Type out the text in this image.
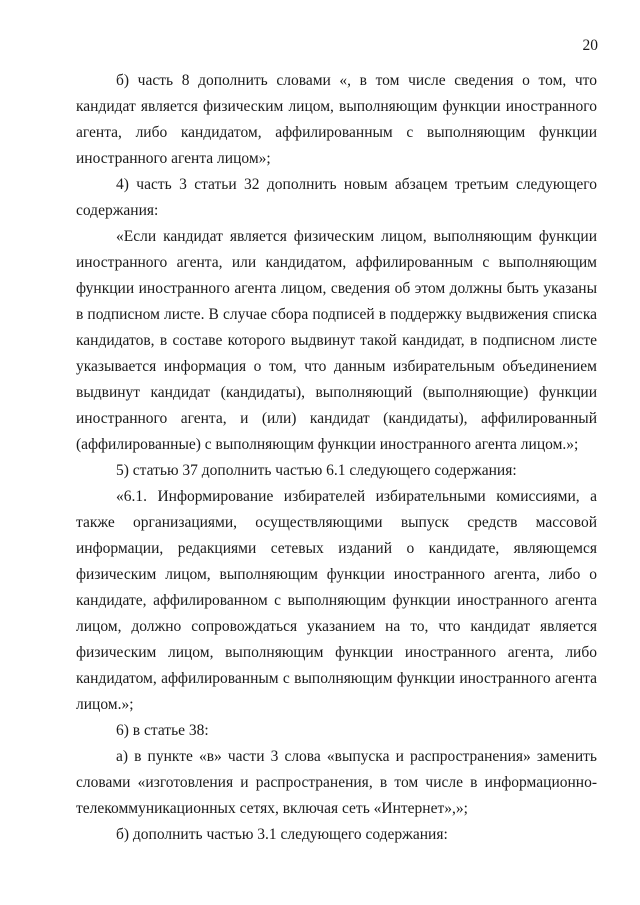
20

б) часть 8 дополнить словами «, в том числе сведения о том, что кандидат является физическим лицом, выполняющим функции иностранного агента, либо кандидатом, аффилированным с выполняющим функции иностранного агента лицом»;

4) часть 3 статьи 32 дополнить новым абзацем третьим следующего содержания:

«Если кандидат является физическим лицом, выполняющим функции иностранного агента, или кандидатом, аффилированным с выполняющим функции иностранного агента лицом, сведения об этом должны быть указаны в подписном листе. В случае сбора подписей в поддержку выдвижения списка кандидатов, в составе которого выдвинут такой кандидат, в подписном листе указывается информация о том, что данным избирательным объединением выдвинут кандидат (кандидаты), выполняющий (выполняющие) функции иностранного агента, и (или) кандидат (кандидаты), аффилированный (аффилированные) с выполняющим функции иностранного агента лицом.»;

5) статью 37 дополнить частью 6.1 следующего содержания:

«6.1. Информирование избирателей избирательными комиссиями, а также организациями, осуществляющими выпуск средств массовой информации, редакциями сетевых изданий о кандидате, являющемся физическим лицом, выполняющим функции иностранного агента, либо о кандидате, аффилированном с выполняющим функции иностранного агента лицом, должно сопровождаться указанием на то, что кандидат является физическим лицом, выполняющим функции иностранного агента, либо кандидатом, аффилированным с выполняющим функции иностранного агента лицом.»;

6) в статье 38:

а) в пункте «в» части 3 слова «выпуска и распространения» заменить словами «изготовления и распространения, в том числе в информационно-телекоммуникационных сетях, включая сеть «Интернет»,»;

б) дополнить частью 3.1 следующего содержания:
